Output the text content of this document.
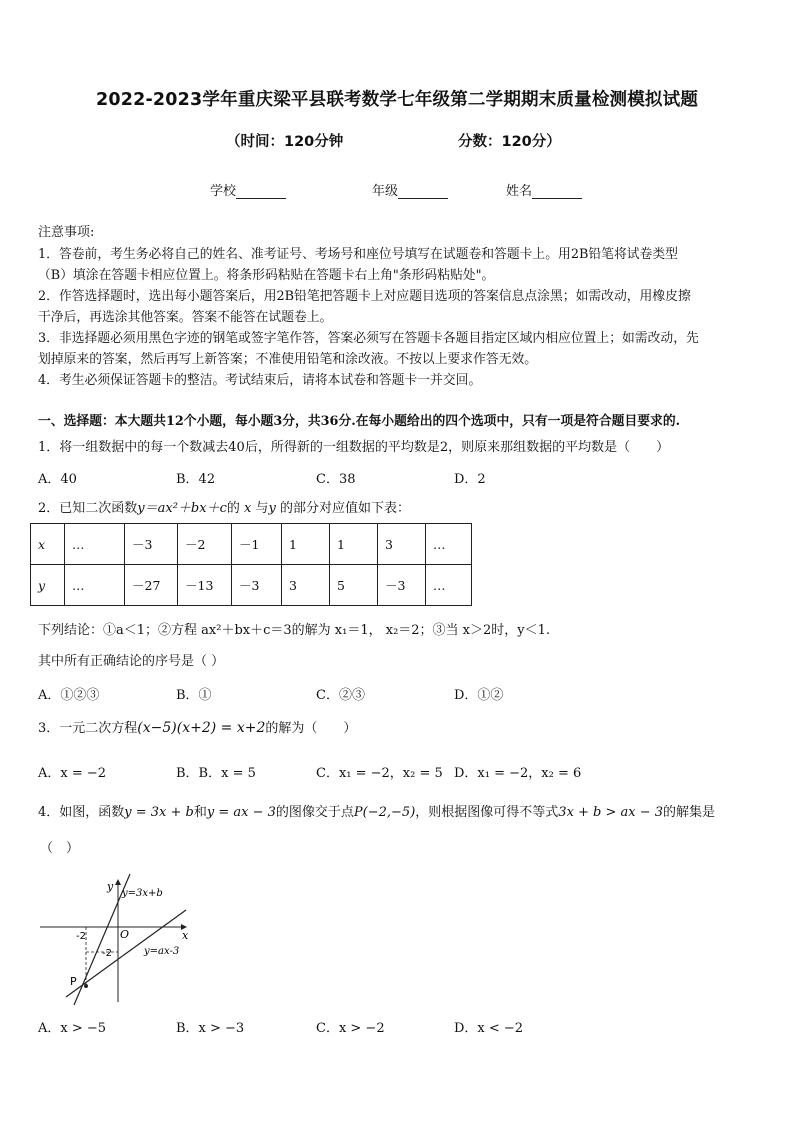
2022-2023学年重庆梁平县联考数学七年级第二学期期末质量检测模拟试题
（时间：120分钟	分数：120分）
学校	年级	姓名
注意事项:
1．答卷前，考生务必将自己的姓名、准考证号、考场号和座位号填写在试题卷和答题卡上。用2B铅笔将试卷类型
（B）填涂在答题卡相应位置上。将条形码粘贴在答题卡右上角"条形码粘贴处"。
2．作答选择题时，选出每小题答案后，用2B铅笔把答题卡上对应题目选项的答案信息点涂黑；如需改动，用橡皮擦
干净后，再选涂其他答案。答案不能答在试题卷上。
3．非选择题必须用黑色字迹的钢笔或签字笔作答，答案必须写在答题卡各题目指定区域内相应位置上；如需改动，先
划掉原来的答案，然后再写上新答案；不准使用铅笔和涂改液。不按以上要求作答无效。
4．考生必须保证答题卡的整洁。考试结束后，请将本试卷和答题卡一并交回。
一、选择题：本大题共12个小题，每小题3分，共36分.在每小题给出的四个选项中，只有一项是符合题目要求的.
1．将一组数据中的每一个数减去40后，所得新的一组数据的平均数是2，则原来那组数据的平均数是（　　）
A．40	B．42	C．38	D．2
2．已知二次函数y＝ax²＋bx＋c的 x 与y 的部分对应值如下表：
x	…	－3	－2	－1	1	1	3	…
y	…	－27	－13	－3	3	5	－3	…
下列结论：①a＜1；②方程 ax²＋bx＋c＝3的解为 x₁＝1， x₂＝2；③当 x＞2时，y＜1.
其中所有正确结论的序号是（ ）
A．①②③	B．①	C．②③	D．①②
3．一元二次方程(x−5)(x+2) = x+2的解为（　　）
A．x = −2	B．B．x = 5	C．x₁ = −2，x₂ = 5 D．x₁ = −2，x₂ = 6
4．如图，函数y = 3x + b和y = ax − 3的图像交于点P(−2,−5)，则根据图像可得不等式3x + b > ax − 3的解集是
（　）
y
x
y=3x+b
y=ax-3
O
-2
-2
P
A．x > −5	B．x > −3	C．x > −2	D．x < −2
